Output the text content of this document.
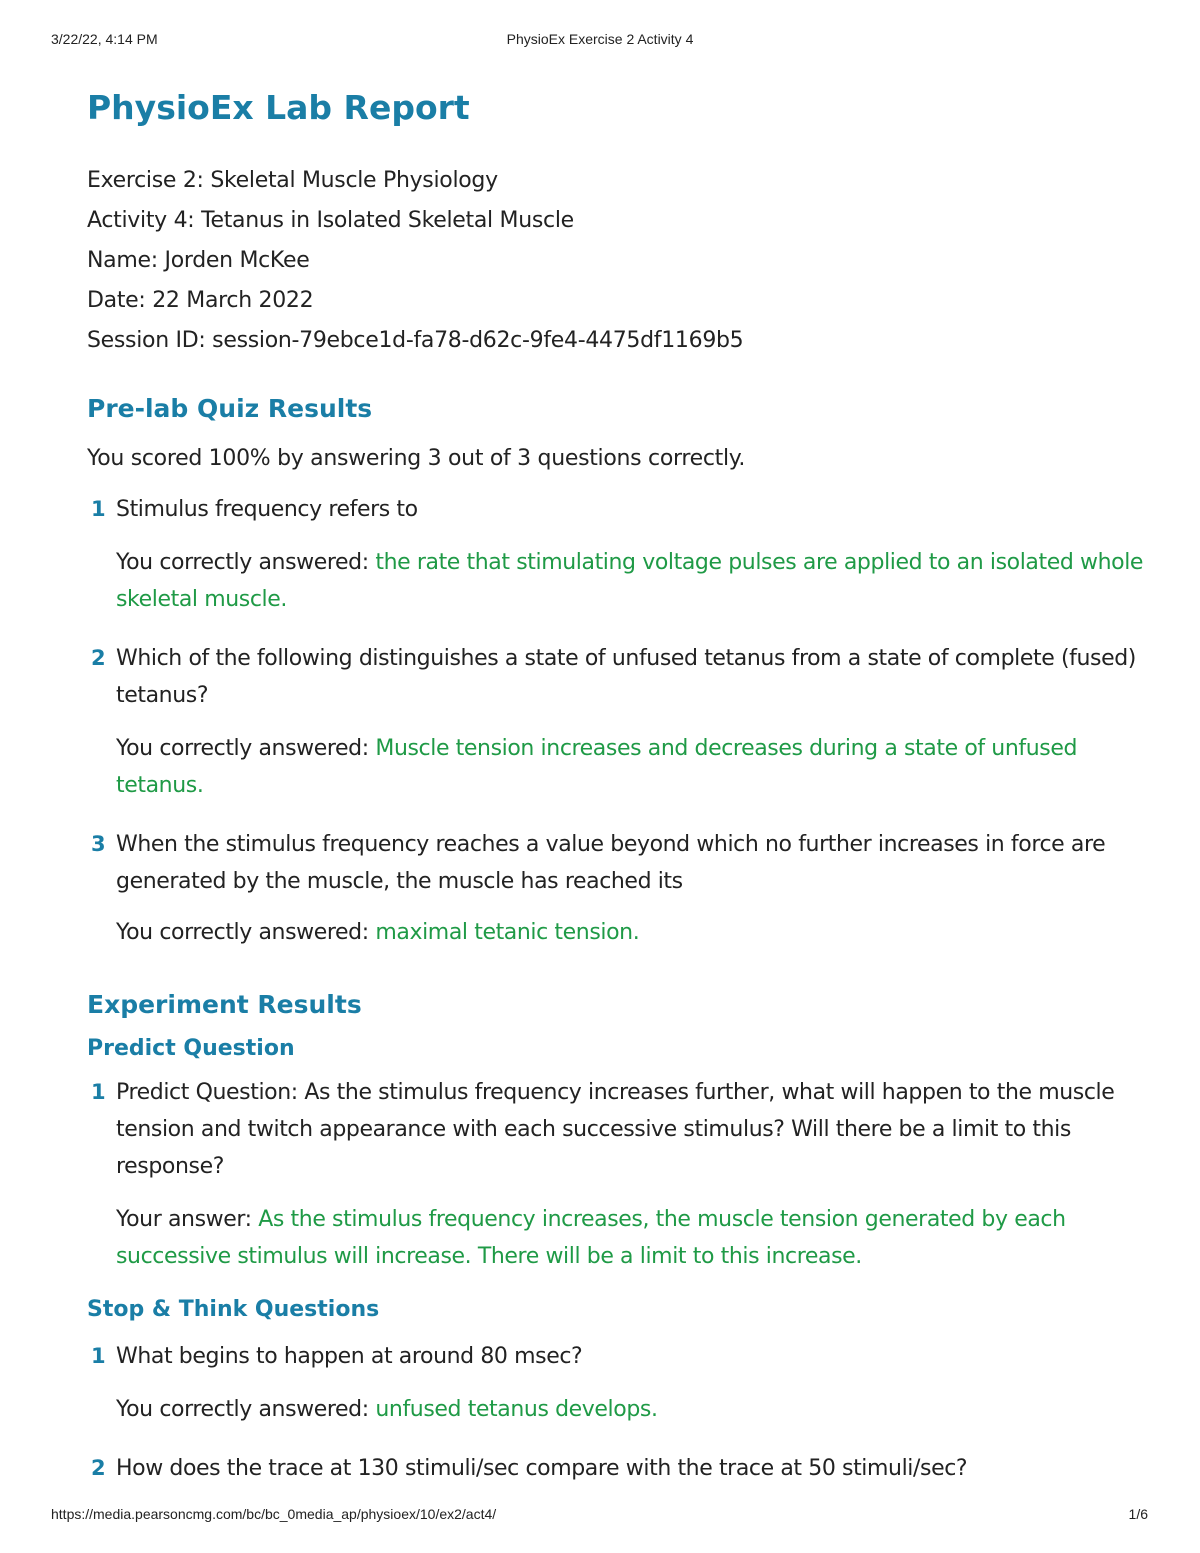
PhysioEx Exercise 2 Activity 4
3/22/22, 4:14 PM
PhysioEx Lab Report
Exercise 2: Skeletal Muscle Physiology
Activity 4: Tetanus in Isolated Skeletal Muscle
Name: Jorden McKee
Date: 22 March 2022
Session ID: session-79ebce1d-fa78-d62c-9fe4-4475df1169b5
Pre-lab Quiz Results
You scored 100% by answering 3 out of 3 questions correctly.
1 Stimulus frequency refers to
You correctly answered: the rate that stimulating voltage pulses are applied to an isolated whole skeletal muscle.
2 Which of the following distinguishes a state of unfused tetanus from a state of complete (fused) tetanus?
You correctly answered: Muscle tension increases and decreases during a state of unfused tetanus.
3 When the stimulus frequency reaches a value beyond which no further increases in force are generated by the muscle, the muscle has reached its
You correctly answered: maximal tetanic tension.
Experiment Results
Predict Question
1 Predict Question: As the stimulus frequency increases further, what will happen to the muscle tension and twitch appearance with each successive stimulus? Will there be a limit to this response?
Your answer: As the stimulus frequency increases, the muscle tension generated by each successive stimulus will increase. There will be a limit to this increase.
Stop & Think Questions
1 What begins to happen at around 80 msec?
You correctly answered: unfused tetanus develops.
2 How does the trace at 130 stimuli/sec compare with the trace at 50 stimuli/sec?
https://media.pearsoncmg.com/bc/bc_0media_ap/physioex/10/ex2/act4/	1/6
